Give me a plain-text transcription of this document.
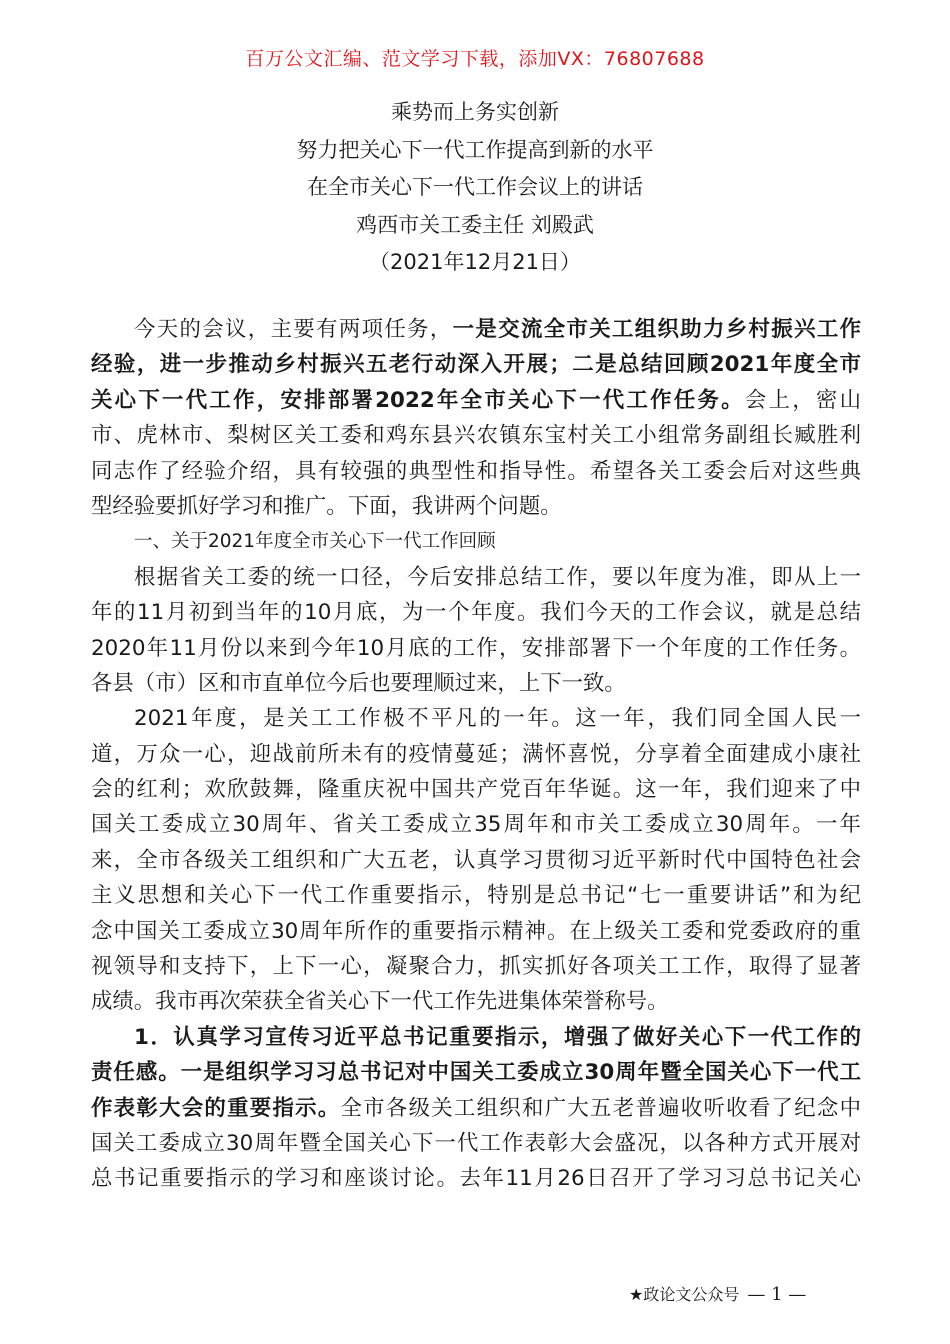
百万公文汇编、范文学习下载，添加VX：76807688
乘势而上务实创新
努力把关心下一代工作提高到新的水平
在全市关心下一代工作会议上的讲话
鸡西市关工委主任 刘殿武
（2021年12月21日）
今天的会议，主要有两项任务，一是交流全市关工组织助力乡村振兴工作
经验，进一步推动乡村振兴五老行动深入开展；二是总结回顾2021年度全市
关心下一代工作，安排部署2022年全市关心下一代工作任务。会上，密山
市、虎林市、梨树区关工委和鸡东县兴农镇东宝村关工小组常务副组长臧胜利
同志作了经验介绍，具有较强的典型性和指导性。希望各关工委会后对这些典
型经验要抓好学习和推广。下面，我讲两个问题。
一、关于2021年度全市关心下一代工作回顾
根据省关工委的统一口径，今后安排总结工作，要以年度为准，即从上一
年的11月初到当年的10月底，为一个年度。我们今天的工作会议，就是总结
2020年11月份以来到今年10月底的工作，安排部署下一个年度的工作任务。
各县（市）区和市直单位今后也要理顺过来，上下一致。
2021年度，是关工工作极不平凡的一年。这一年，我们同全国人民一
道，万众一心，迎战前所未有的疫情蔓延；满怀喜悦，分享着全面建成小康社
会的红利；欢欣鼓舞，隆重庆祝中国共产党百年华诞。这一年，我们迎来了中
国关工委成立30周年、省关工委成立35周年和市关工委成立30周年。一年
来，全市各级关工组织和广大五老，认真学习贯彻习近平新时代中国特色社会
主义思想和关心下一代工作重要指示，特别是总书记“七一重要讲话”和为纪
念中国关工委成立30周年所作的重要指示精神。在上级关工委和党委政府的重
视领导和支持下，上下一心，凝聚合力，抓实抓好各项关工工作，取得了显著
成绩。我市再次荣获全省关心下一代工作先进集体荣誉称号。
1．认真学习宣传习近平总书记重要指示，增强了做好关心下一代工作的
责任感。一是组织学习习总书记对中国关工委成立30周年暨全国关心下一代工
作表彰大会的重要指示。全市各级关工组织和广大五老普遍收听收看了纪念中
国关工委成立30周年暨全国关心下一代工作表彰大会盛况，以各种方式开展对
总书记重要指示的学习和座谈讨论。去年11月26日召开了学习习总书记关心
★政论文公众号 — 1 —
